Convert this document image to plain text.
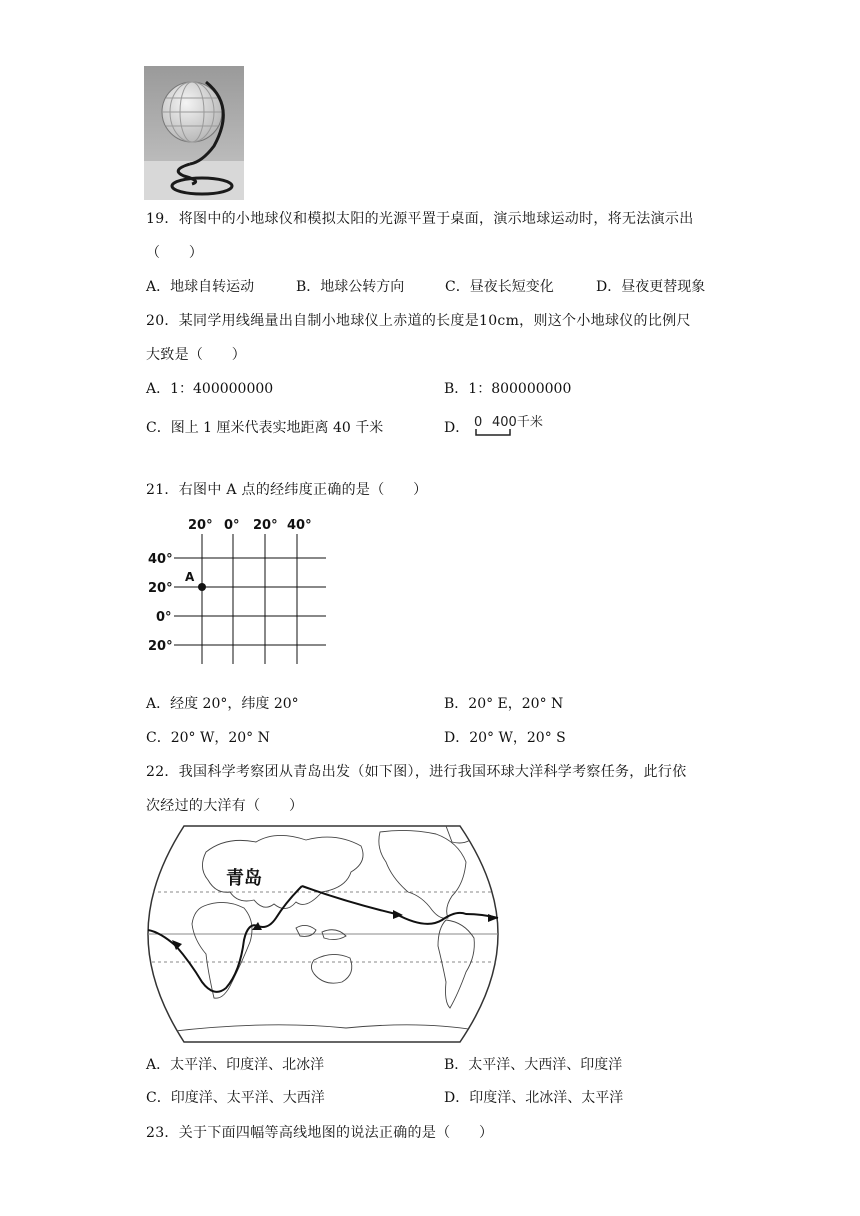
19．将图中的小地球仪和模拟太阳的光源平置于桌面，演示地球运动时，将无法演示出
（　　）
A．地球自转运动	B．地球公转方向	C．昼夜长短变化	D．昼夜更替现象
20．某同学用线绳量出自制小地球仪上赤道的长度是10cm，则这个小地球仪的比例尺
大致是（　　）
A．1：400000000	B．1：800000000
C．图上 1 厘米代表实地距离 40 千米	D． 0 400千米
21．右图中 A 点的经纬度正确的是（　　）
20° 0° 20° 40°
40°
20°
0°
20°
A
A．经度 20°，纬度 20°	B．20° E，20° N
C．20° W，20° N	D．20° W，20° S
22．我国科学考察团从青岛出发（如下图），进行我国环球大洋科学考察任务，此行依
次经过的大洋有（　　）
青岛
A．太平洋、印度洋、北冰洋	B．太平洋、大西洋、印度洋
C．印度洋、太平洋、大西洋	D．印度洋、北冰洋、太平洋
23．关于下面四幅等高线地图的说法正确的是（　　）
